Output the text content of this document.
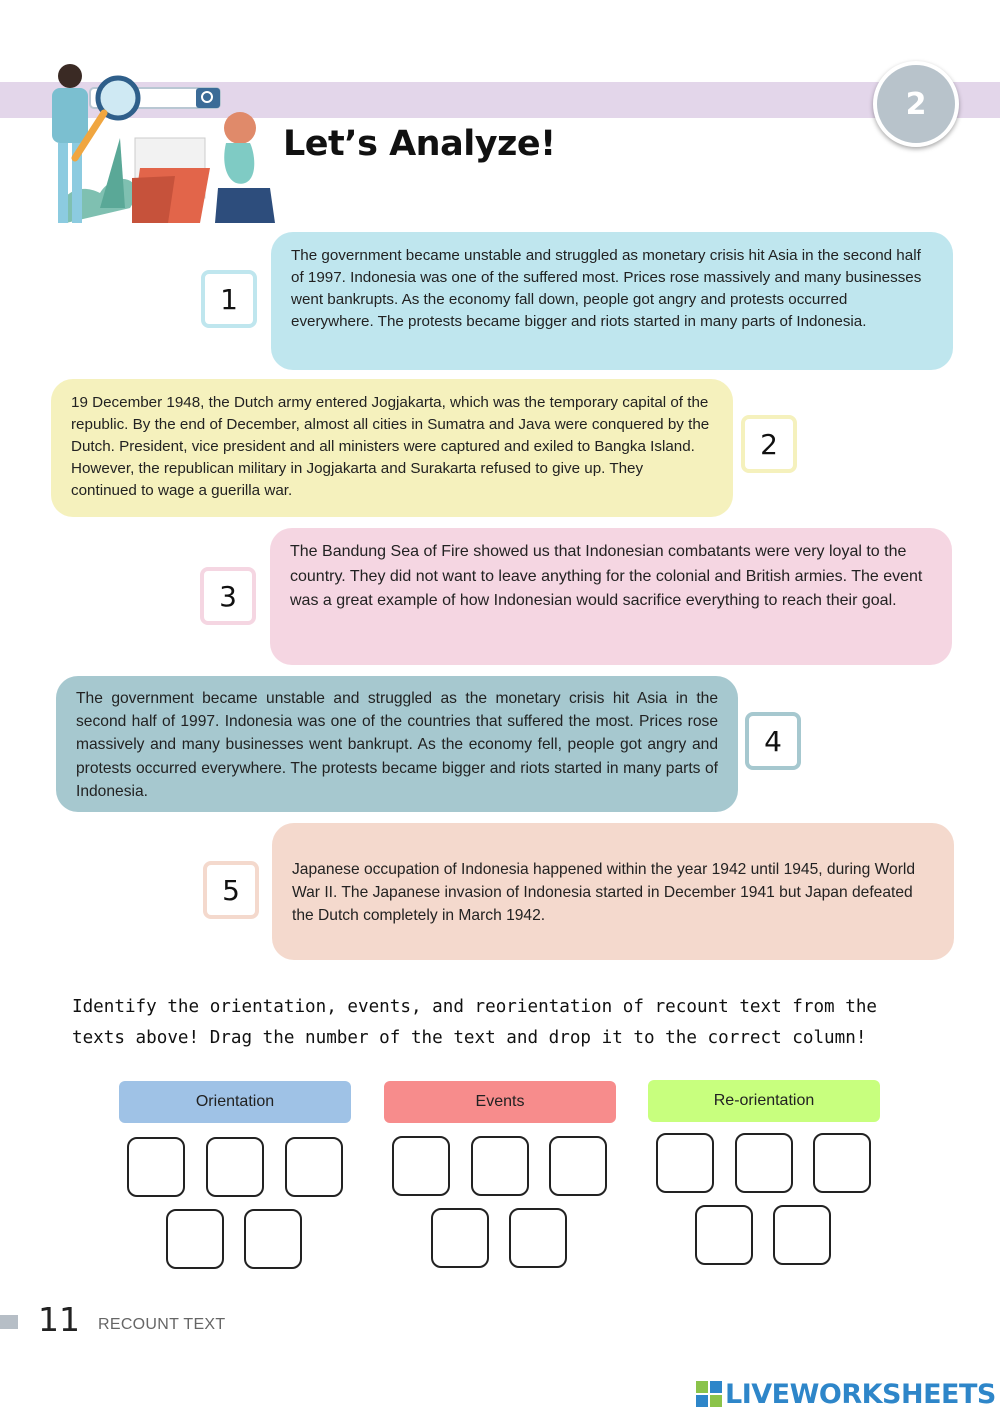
2
Let’s Analyze!

The government became unstable and struggled as monetary crisis hit Asia in the second half of 1997. Indonesia was one of the suffered most. Prices rose massively and many businesses went bankrupts. As the economy fall down, people got angry and protests occurred everywhere. The protests became bigger and riots started in many parts of Indonesia.

1

19 December 1948, the Dutch army entered Jogjakarta, which was the temporary capital of the republic. By the end of December, almost all cities in Sumatra and Java were conquered by the Dutch. President, vice president and all ministers were captured and exiled to Bangka Island. However, the republican military in Jogjakarta and Surakarta refused to give up. They continued to wage a guerilla war.

2

The Bandung Sea of Fire showed us that Indonesian combatants were very loyal to the country. They did not want to leave anything for the colonial and British armies. The event was a great example of how Indonesian would sacrifice everything to reach their goal.

3

The government became unstable and struggled as the monetary crisis hit Asia in the second half of 1997. Indonesia was one of the countries that suffered the most. Prices rose massively and many businesses went bankrupt. As the economy fell, people got angry and protests occurred everywhere. The protests became bigger and riots started in many parts of Indonesia.

4

Japanese occupation of Indonesia happened within the year 1942 until 1945, during World War II. The Japanese invasion of Indonesia started in December 1941 but Japan defeated the Dutch completely in March 1942.

5
Identify the orientation, events, and reorientation of recount text from the texts above! Drag the number of the text and drop it to the correct column!
Orientation	Events	Re-orientation
11 RECOUNT TEXT
LIVEWORKSHEETS
